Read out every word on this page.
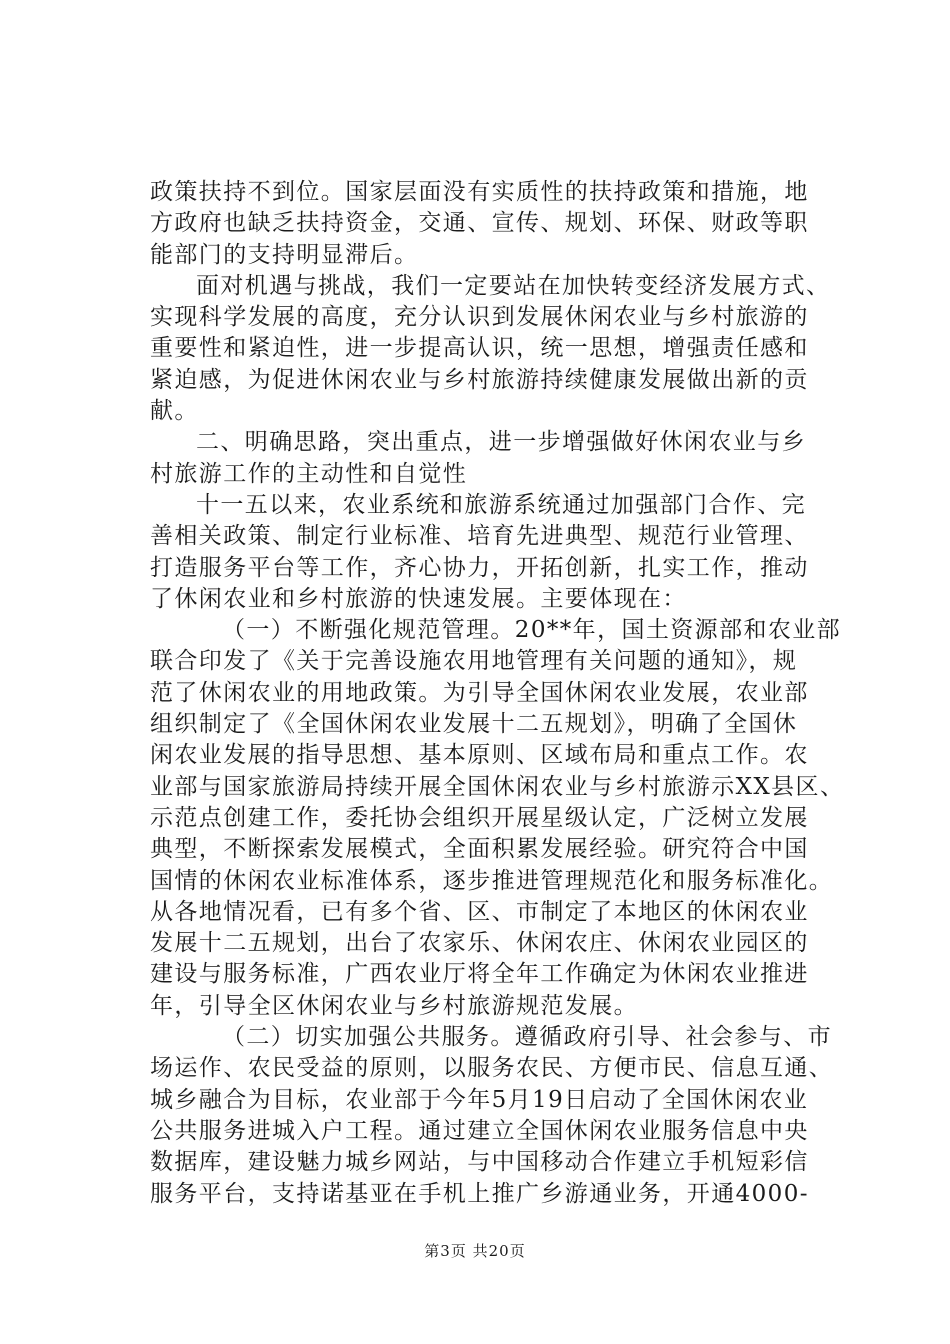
政策扶持不到位。国家层面没有实质性的扶持政策和措施，地
方政府也缺乏扶持资金，交通、宣传、规划、环保、财政等职
能部门的支持明显滞后。
面对机遇与挑战，我们一定要站在加快转变经济发展方式、
实现科学发展的高度，充分认识到发展休闲农业与乡村旅游的
重要性和紧迫性，进一步提高认识，统一思想，增强责任感和
紧迫感，为促进休闲农业与乡村旅游持续健康发展做出新的贡
献。
二、明确思路，突出重点，进一步增强做好休闲农业与乡
村旅游工作的主动性和自觉性
十一五以来，农业系统和旅游系统通过加强部门合作、完
善相关政策、制定行业标准、培育先进典型、规范行业管理、
打造服务平台等工作，齐心协力，开拓创新，扎实工作，推动
了休闲农业和乡村旅游的快速发展。主要体现在：
（一）不断强化规范管理。20**年，国土资源部和农业部
联合印发了《关于完善设施农用地管理有关问题的通知》，规
范了休闲农业的用地政策。为引导全国休闲农业发展，农业部
组织制定了《全国休闲农业发展十二五规划》，明确了全国休
闲农业发展的指导思想、基本原则、区域布局和重点工作。农
业部与国家旅游局持续开展全国休闲农业与乡村旅游示XX县区、
示范点创建工作，委托协会组织开展星级认定，广泛树立发展
典型，不断探索发展模式，全面积累发展经验。研究符合中国
国情的休闲农业标准体系，逐步推进管理规范化和服务标准化。
从各地情况看，已有多个省、区、市制定了本地区的休闲农业
发展十二五规划，出台了农家乐、休闲农庄、休闲农业园区的
建设与服务标准，广西农业厅将全年工作确定为休闲农业推进
年，引导全区休闲农业与乡村旅游规范发展。
（二）切实加强公共服务。遵循政府引导、社会参与、市
场运作、农民受益的原则，以服务农民、方便市民、信息互通、
城乡融合为目标，农业部于今年5月19日启动了全国休闲农业
公共服务进城入户工程。通过建立全国休闲农业服务信息中央
数据库，建设魅力城乡网站，与中国移动合作建立手机短彩信
服务平台，支持诺基亚在手机上推广乡游通业务，开通4000-
第3页 共20页
